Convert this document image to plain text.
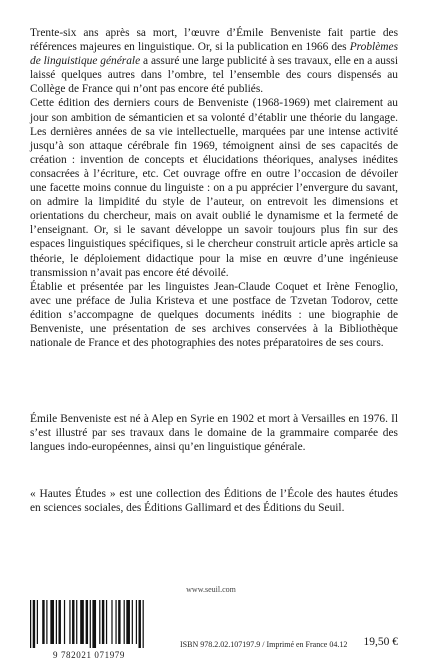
Trente-six ans après sa mort, l’œuvre d’Émile Benveniste fait partie des références majeures en linguistique. Or, si la publication en 1966 des Problèmes de linguistique générale a assuré une large publicité à ses travaux, elle en a aussi laissé quelques autres dans l’ombre, tel l’ensemble des cours dispensés au Collège de France qui n’ont pas encore été publiés.

Cette édition des derniers cours de Benveniste (1968-1969) met clairement au jour son ambition de sémanticien et sa volonté d’établir une théorie du langage. Les dernières années de sa vie intellectuelle, marquées par une intense activité jusqu’à son attaque cérébrale fin 1969, témoignent ainsi de ses capacités de création : invention de concepts et élucidations théoriques, analyses inédites consacrées à l’écriture, etc. Cet ouvrage offre en outre l’occasion de dévoiler une facette moins connue du linguiste : on a pu apprécier l’envergure du savant, on admire la limpidité du style de l’auteur, on entrevoit les dimensions et orientations du chercheur, mais on avait oublié le dynamisme et la fermeté de l’enseignant. Or, si le savant développe un savoir toujours plus fin sur des espaces linguistiques spécifiques, si le chercheur construit article après article sa théorie, le déploiement didactique pour la mise en œuvre d’une ingénieuse transmission n’avait pas encore été dévoilé.

Établie et présentée par les linguistes Jean-Claude Coquet et Irène Fenoglio, avec une préface de Julia Kristeva et une postface de Tzvetan Todorov, cette édition s’accompagne de quelques documents inédits : une biographie de Benveniste, une présentation de ses archives conservées à la Bibliothèque nationale de France et des photographies des notes préparatoires de ses cours.

Émile Benveniste est né à Alep en Syrie en 1902 et mort à Versailles en 1976. Il s’est illustré par ses travaux dans le domaine de la grammaire comparée des langues indo-européennes, ainsi qu’en linguistique générale.

« Hautes Études » est une collection des Éditions de l’École des hautes études en sciences sociales, des Éditions Gallimard et des Éditions du Seuil.

www.seuil.com
9 782021 071979
ISBN 978.2.02.107197.9 / Imprimé en France 04.12 19,50 €
